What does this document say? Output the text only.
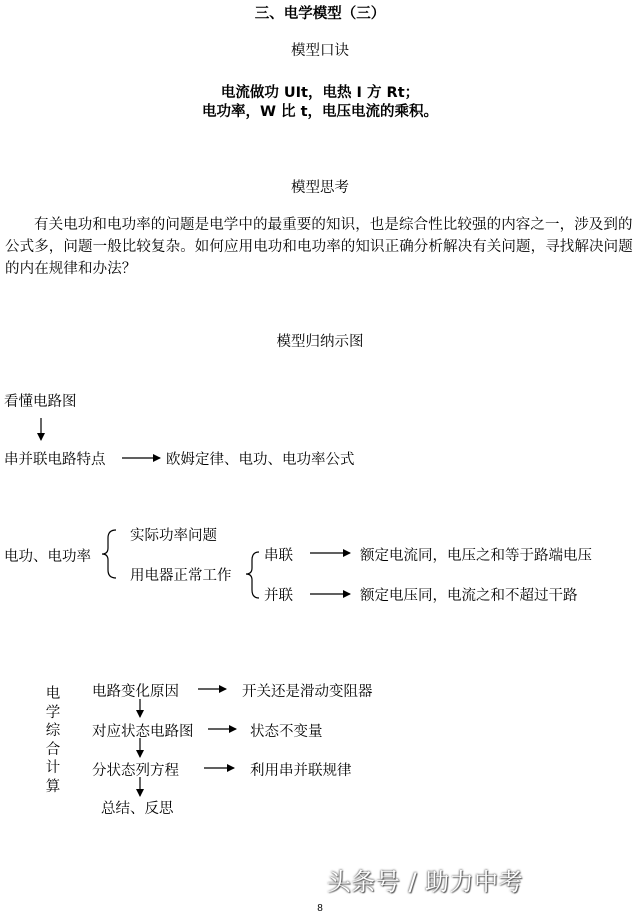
三、电学模型（三）
模型口诀
电流做功 UIt，电热 I 方 Rt；
电功率，W 比 t，电压电流的乘积。
模型思考
有关电功和电功率的问题是电学中的最重要的知识，也是综合性比较强的内容之一，涉及到的公式多，问题一般比较复杂。如何应用电功和电功率的知识正确分析解决有关问题，寻找解决问题的内在规律和办法？
模型归纳示图
看懂电路图
串并联电路特点	欧姆定律、电功、电功率公式
电功、电功率
实际功率问题
用电器正常工作
串联	额定电流同，电压之和等于路端电压
并联	额定电压同，电流之和不超过干路
电学综合计算
电路变化原因	开关还是滑动变阻器
对应状态电路图	状态不变量
分状态列方程	利用串并联规律
总结、反思
头条号 / 助力中考
8
